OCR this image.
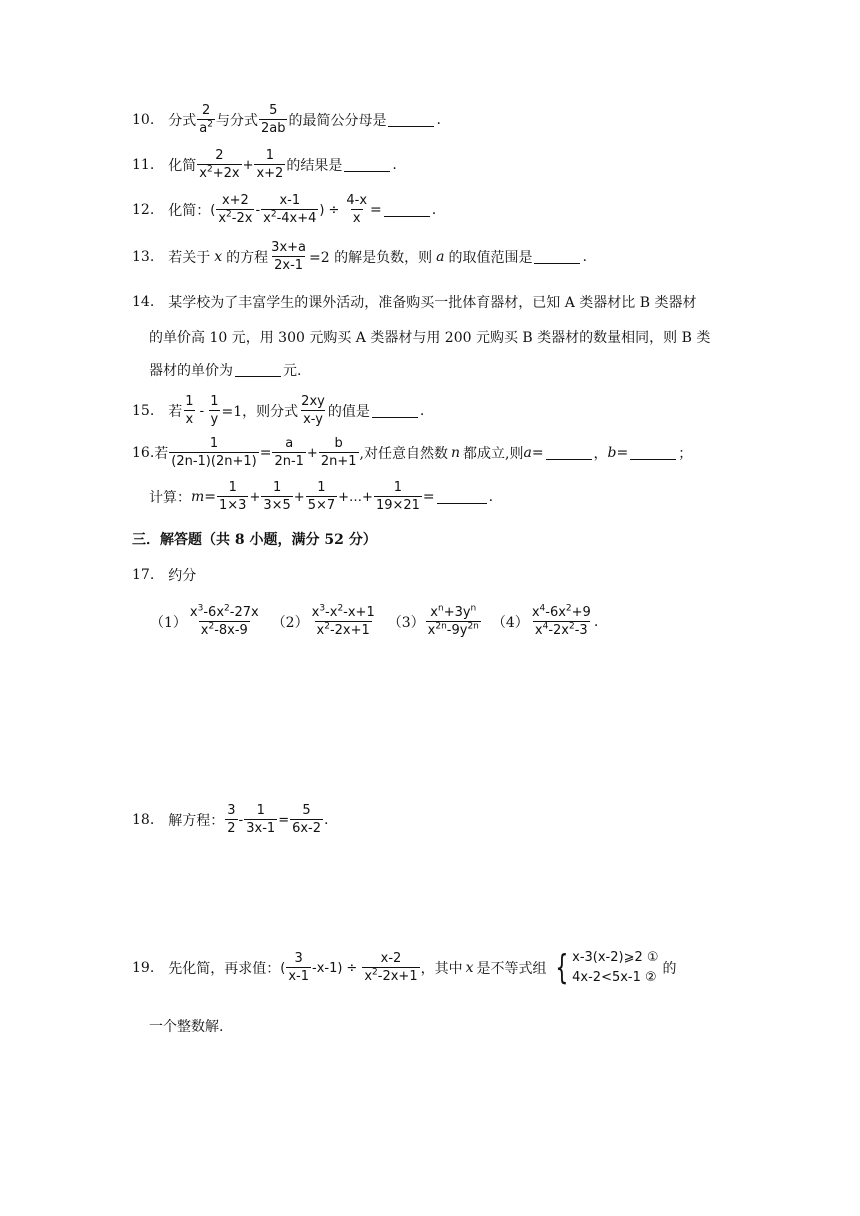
10. 分式
2
$a^2$ 与分式
5
2ab 的最简公分母是	.
11. 化简
2
$x^2+2x$
+ $\frac{1}{x+2}$ 的结果是	.
12. 化简： (
x+2
$x^2-2x$
-
x-1
$x^2-4x+4$
) ÷ $\frac{4-x}{x}$ =	.
13. 若关于 x 的方程 $\frac{3x+a}{2x-1} =2$ 的解是负数，则 a 的取值范围是	.
14. 某学校为了丰富学生的课外活动，准备购买一批体育器材，已知 A 类器材比 B 类器材
的单价高 10 元，用 300 元购买 A 类器材与用 200 元购买 B 类器材的数量相同，则 B 类
器材的单价为	元.
15. 若
1
x
- $\frac{1}{y} =1$，则分式
2xy
x-y 的值是	.
16. 若 $\frac{1}{(2n-1)(2n+1)} = \frac{a}{2n-1} + \frac{b}{2n+1}$ ,对任意自然数 n 都成立,则 a =	， b =	；
计算： $m = \frac{1}{1\times 3} + \frac{1}{3\times 5} + \frac{1}{5\times 7}$ +…+ $\frac{1}{19\times 21}$ =	.
三．解答题（共 8 小题，满分 52 分）
17. 约分
（1）
$x^3-6x^2-27x$
$x^2-8x-9$ （2）
$x^3-x^2-x+1$
$x^2-2x+1$ （3）
$x^n+3y^n$
$x^{2n}-9y^{2n}$ （4）
$x^4-6x^2+9$
$x^4-2x^2-3$
.
18. 解方程：
3
2
- $\frac{1}{3x-1} = \frac{5}{6x-2}$ .
19. 先化简，再求值： (
3
x-1
$-x-1) \div \frac{x-2}{x^2-2x+1}$ ，其中 x 是不等式组 { x-3(x-2)⩾2 ①
4x-2<5x-1 ②
的
一个整数解.
